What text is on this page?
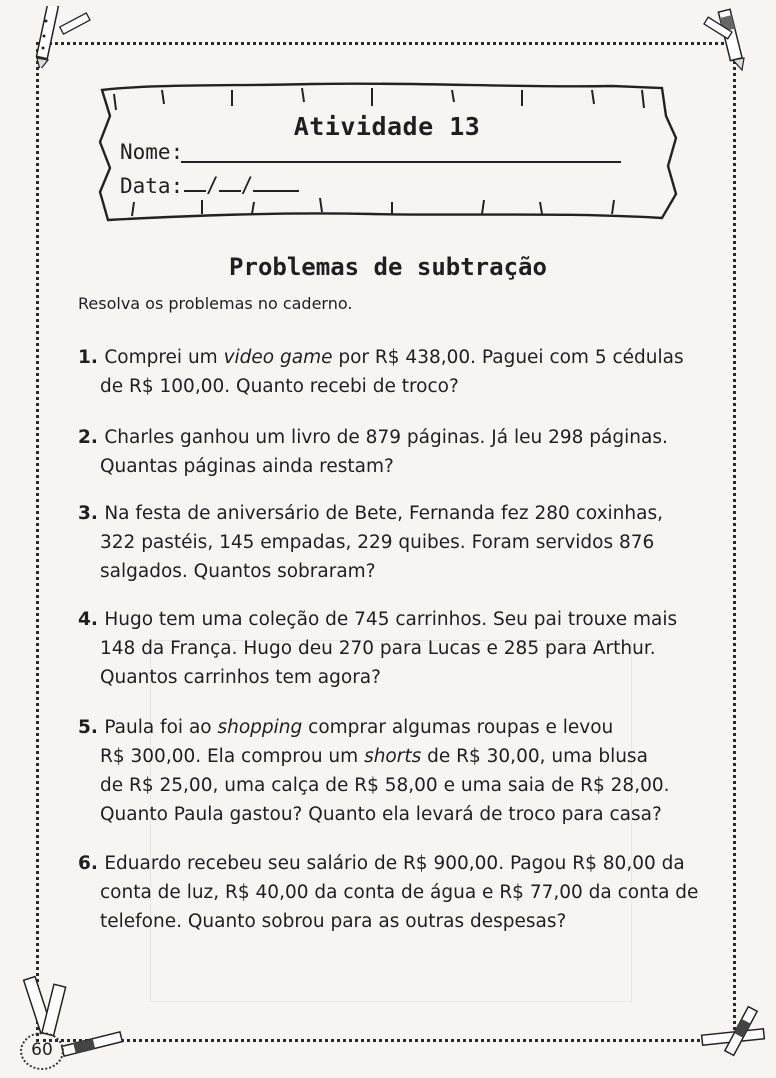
Atividade 13
Nome:
Data:	/ /
Problemas de subtração
Resolva os problemas no caderno.
1. Comprei um video game por R$ 438,00. Paguei com 5 cédulas
de R$ 100,00. Quanto recebi de troco?
2. Charles ganhou um livro de 879 páginas. Já leu 298 páginas.
Quantas páginas ainda restam?
3. Na festa de aniversário de Bete, Fernanda fez 280 coxinhas,
322 pastéis, 145 empadas, 229 quibes. Foram servidos 876
salgados. Quantos sobraram?
4. Hugo tem uma coleção de 745 carrinhos. Seu pai trouxe mais
148 da França. Hugo deu 270 para Lucas e 285 para Arthur.
Quantos carrinhos tem agora?
5. Paula foi ao shopping comprar algumas roupas e levou
R$ 300,00. Ela comprou um shorts de R$ 30,00, uma blusa
de R$ 25,00, uma calça de R$ 58,00 e uma saia de R$ 28,00.
Quanto Paula gastou? Quanto ela levará de troco para casa?
6. Eduardo recebeu seu salário de R$ 900,00. Pagou R$ 80,00 da
conta de luz, R$ 40,00 da conta de água e R$ 77,00 da conta de
telefone. Quanto sobrou para as outras despesas?
60
